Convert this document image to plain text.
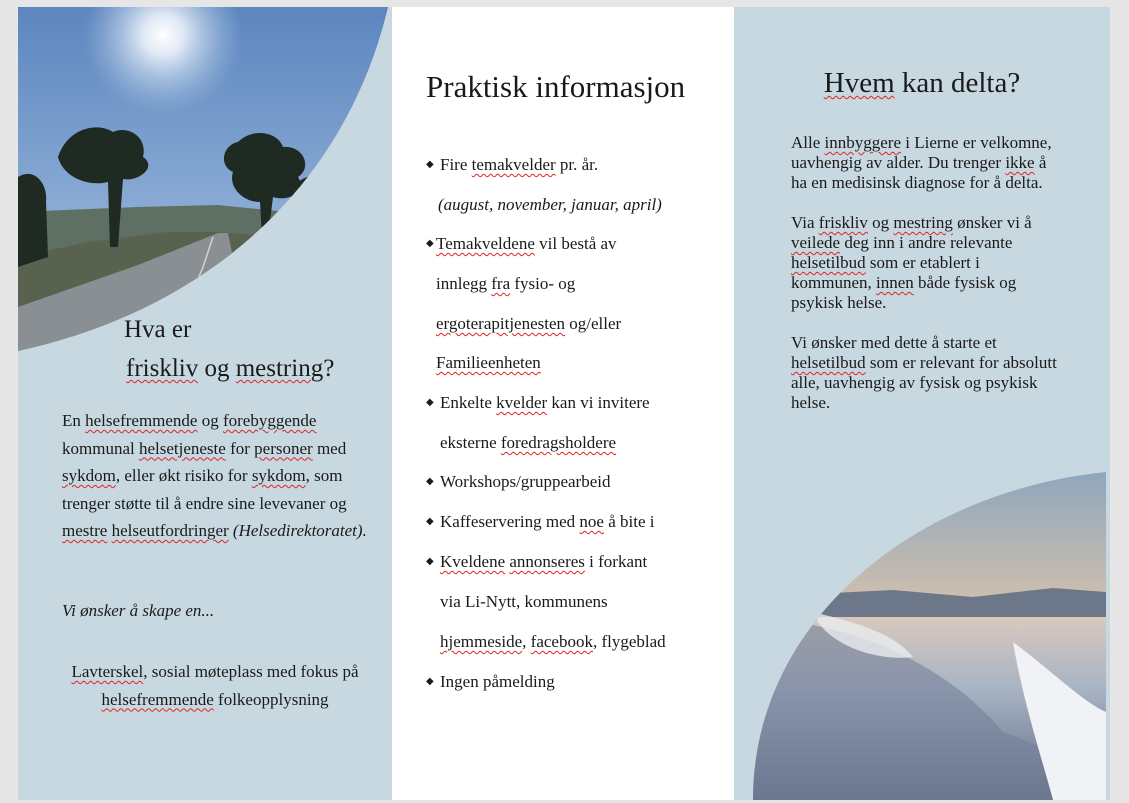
Hva er
friskliv og mestring?

En helsefremmende og forebyggende kommunal helsetjeneste for personer med sykdom, eller økt risiko for sykdom, som trenger støtte til å endre sine levevaner og mestre helseutfordringer (Helsedirektoratet).

Vi ønsker å skape en...

Lavterskel, sosial møteplass med fokus på helsefremmende folkeopplysning

Praktisk informasjon
◆ Fire temakvelder pr. år.
(august, november, januar, april)
◆ Temakveldene vil bestå av
innlegg fra fysio- og
ergoterapitjenesten og/eller
Familieenheten
◆ Enkelte kvelder kan vi invitere
eksterne foredragsholdere
◆ Workshops/gruppearbeid
◆ Kaffeservering med noe å bite i
◆ Kveldene annonseres i forkant
via Li-Nytt, kommunens
hjemmeside, facebook, flygeblad
◆ Ingen påmelding
Hvem kan delta?

Alle innbyggere i Lierne er velkomne, uavhengig av alder. Du trenger ikke å ha en medisinsk diagnose for å delta.

Via friskliv og mestring ønsker vi å veilede deg inn i andre relevante helsetilbud som er etablert i kommunen, innen både fysisk og psykisk helse.

Vi ønsker med dette å starte et helsetilbud som er relevant for absolutt alle, uavhengig av fysisk og psykisk helse.
